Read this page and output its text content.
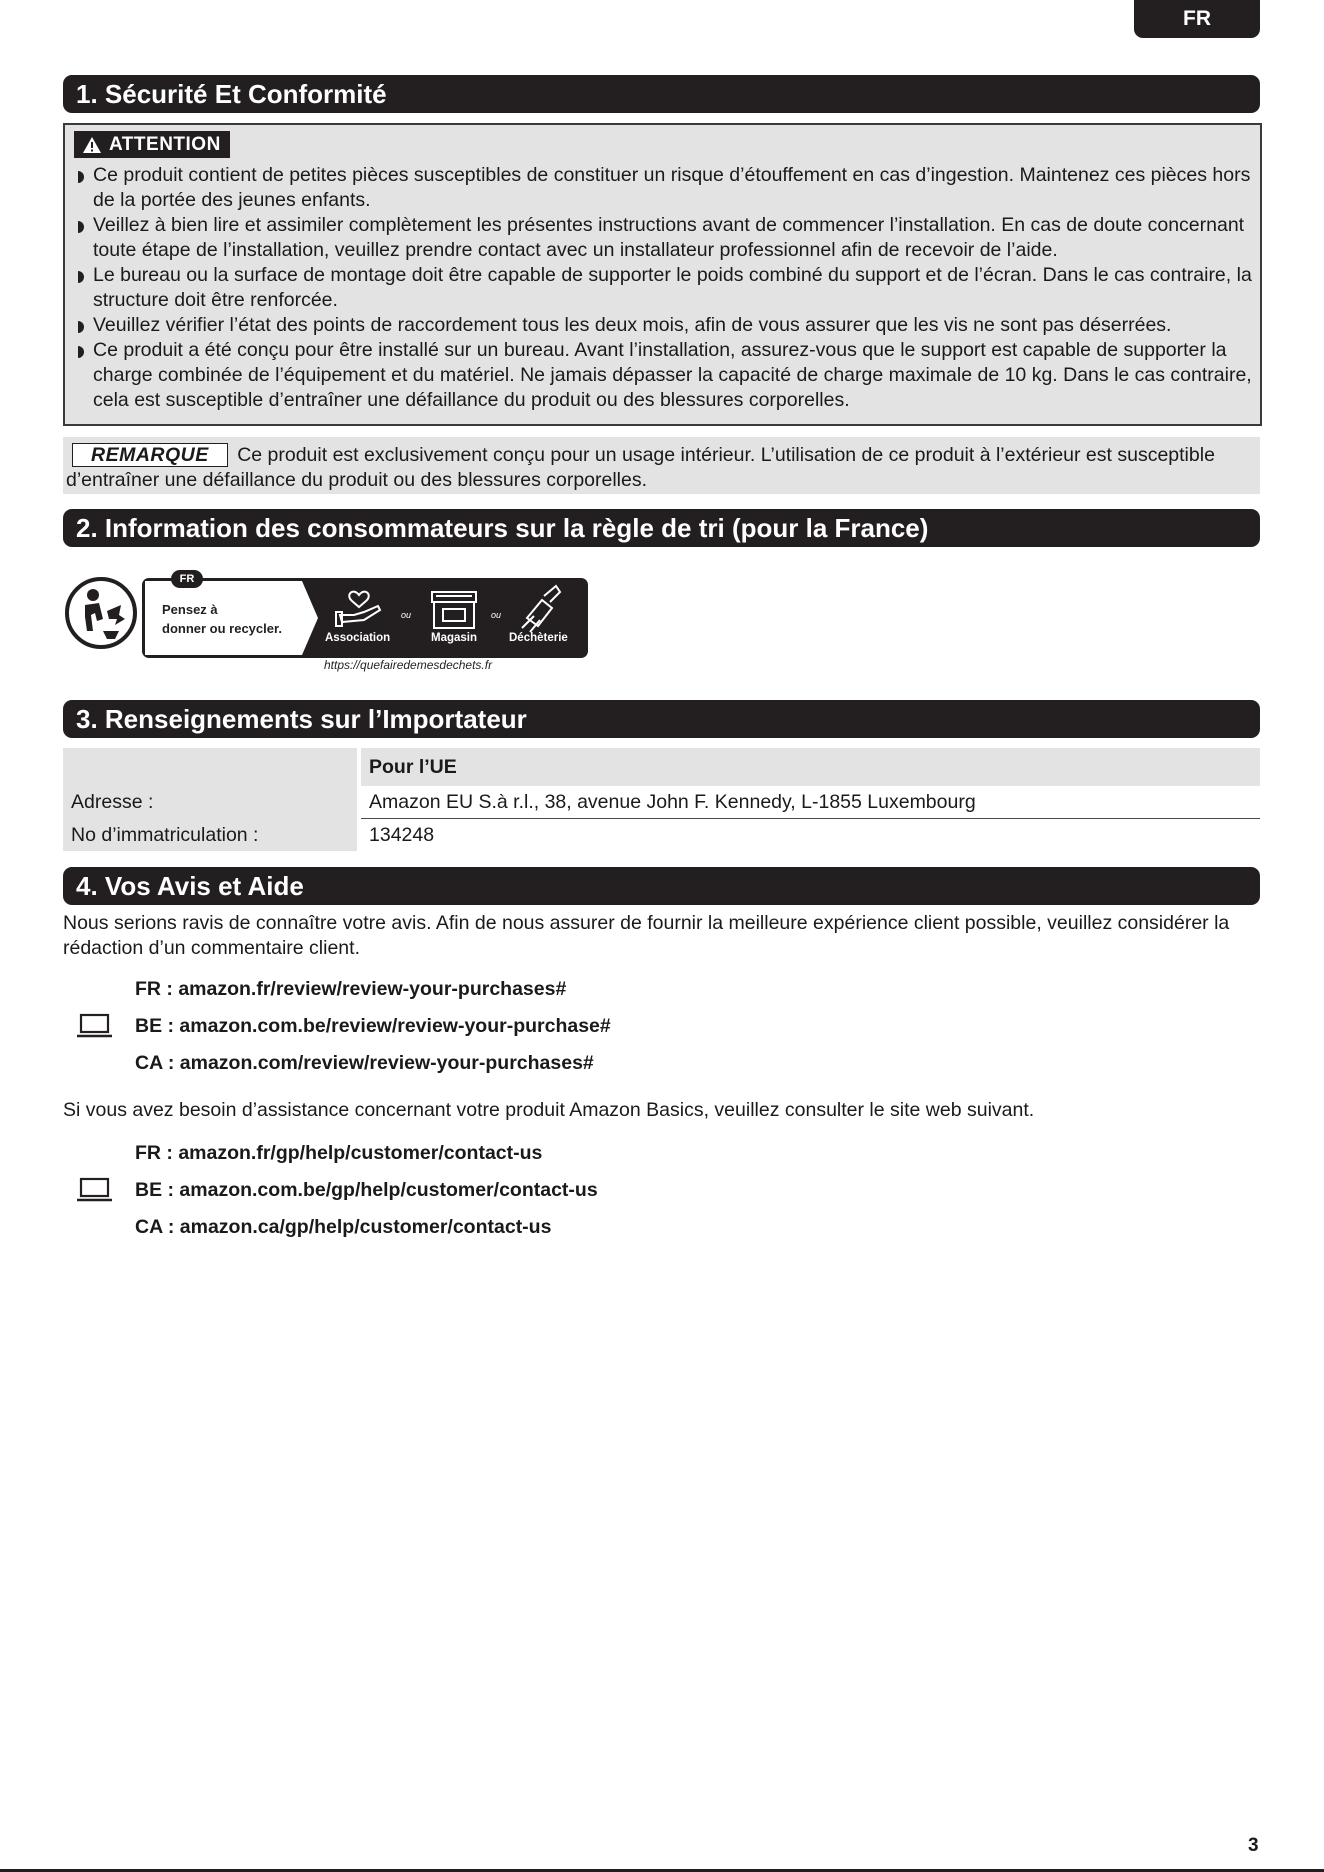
FR
1. Sécurité Et Conformité
ATTENTION
Ce produit contient de petites pièces susceptibles de constituer un risque d’étouffement en cas d’ingestion. Maintenez ces pièces hors de la portée des jeunes enfants.
Veillez à bien lire et assimiler complètement les présentes instructions avant de commencer l’installation. En cas de doute concernant toute étape de l’installation, veuillez prendre contact avec un installateur professionnel afin de recevoir de l’aide.
Le bureau ou la surface de montage doit être capable de supporter le poids combiné du support et de l’écran. Dans le cas contraire, la structure doit être renforcée.
Veuillez vérifier l’état des points de raccordement tous les deux mois, afin de vous assurer que les vis ne sont pas déserrées.
Ce produit a été conçu pour être installé sur un bureau. Avant l’installation, assurez-vous que le support est capable de supporter la charge combinée de l’équipement et du matériel. Ne jamais dépasser la capacité de charge maximale de 10 kg. Dans le cas contraire, cela est susceptible d’entraîner une défaillance du produit ou des blessures corporelles.
REMARQUE Ce produit est exclusivement conçu pour un usage intérieur. L’utilisation de ce produit à l’extérieur est susceptible d’entraîner une défaillance du produit ou des blessures corporelles.
2. Information des consommateurs sur la règle de tri (pour la France)
FR
Pensez à
donner ou recycler.
ou	ou
Association	Magasin	Déchèterie
https://quefairedemesdechets.fr
3. Renseignements sur l’Importateur
		Pour l’UE
Adresse :		Amazon EU S.à r.l., 38, avenue John F. Kennedy, L-1855 Luxembourg
No d’immatriculation :		134248
4. Vos Avis et Aide
Nous serions ravis de connaître votre avis. Afin de nous assurer de fournir la meilleure expérience client possible, veuillez considérer la rédaction d’un commentaire client.
FR : amazon.fr/review/review-your-purchases#
BE : amazon.com.be/review/review-your-purchase#
CA : amazon.com/review/review-your-purchases#
Si vous avez besoin d’assistance concernant votre produit Amazon Basics, veuillez consulter le site web suivant.
FR : amazon.fr/gp/help/customer/contact-us
BE : amazon.com.be/gp/help/customer/contact-us
CA : amazon.ca/gp/help/customer/contact-us
3
